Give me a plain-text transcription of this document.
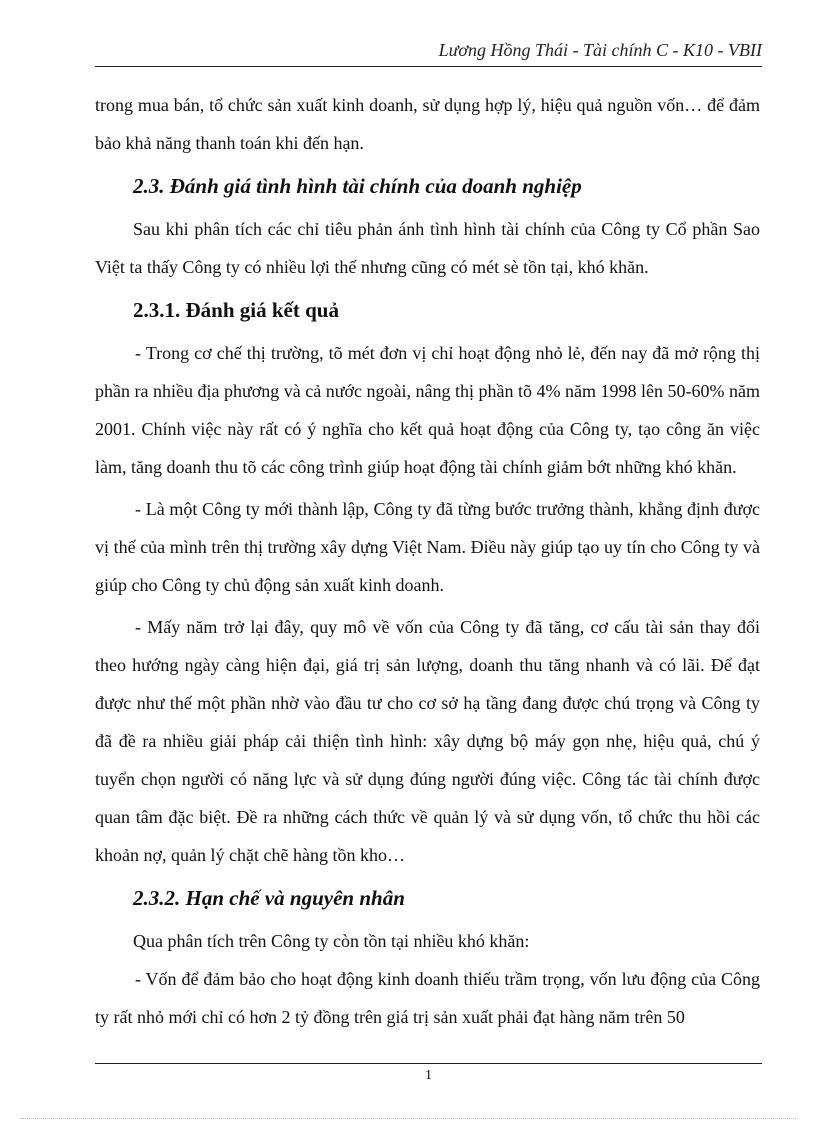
Lương Hồng Thái - Tài chính C - K10 - VBII

trong mua bán, tổ chức sản xuất kinh doanh, sử dụng hợp lý, hiệu quả nguồn vốn… để đảm bảo khả năng thanh toán khi đến hạn.

2.3. Đánh giá tình hình tài chính của doanh nghiệp

Sau khi phân tích các chỉ tiêu phản ánh tình hình tài chính của Công ty Cổ phần Sao Việt ta thấy Công ty có nhiều lợi thế nhưng cũng có mét sè tồn tại, khó khăn.

2.3.1. Đánh giá kết quả

- Trong cơ chế thị trường, tõ mét đơn vị chỉ hoạt động nhỏ lẻ, đến nay đã mở rộng thị phần ra nhiều địa phương và cả nước ngoài, nâng thị phần tõ 4% năm 1998 lên 50-60% năm 2001. Chính việc này rất có ý nghĩa cho kết quả hoạt động của Công ty, tạo công ăn việc làm, tăng doanh thu tõ các công trình giúp hoạt động tài chính giảm bớt những khó khăn.

- Là một Công ty mới thành lập, Công ty đã từng bước trưởng thành, khẳng định được vị thế của mình trên thị trường xây dựng Việt Nam. Điều này giúp tạo uy tín cho Công ty và giúp cho Công ty chủ động sản xuất kinh doanh.

- Mấy năm trở lại đây, quy mô về vốn của Công ty đã tăng, cơ cấu tài sản thay đổi theo hướng ngày càng hiện đại, giá trị sản lượng, doanh thu tăng nhanh và có lãi. Để đạt được như thế một phần nhờ vào đầu tư cho cơ sở hạ tầng đang được chú trọng và Công ty đã đề ra nhiều giải pháp cải thiện tình hình: xây dựng bộ máy gọn nhẹ, hiệu quả, chú ý tuyển chọn người có năng lực và sử dụng đúng người đúng việc. Công tác tài chính được quan tâm đặc biệt. Đề ra những cách thức về quản lý và sử dụng vốn, tổ chức thu hồi các khoản nợ, quản lý chặt chẽ hàng tồn kho…

2.3.2. Hạn chế và nguyên nhân

Qua phân tích trên Công ty còn tồn tại nhiều khó khăn:

- Vốn để đảm bảo cho hoạt động kinh doanh thiếu trầm trọng, vốn lưu động của Công ty rất nhỏ mới chỉ có hơn 2 tỷ đồng trên giá trị sản xuất phải đạt hàng năm trên 50

1
